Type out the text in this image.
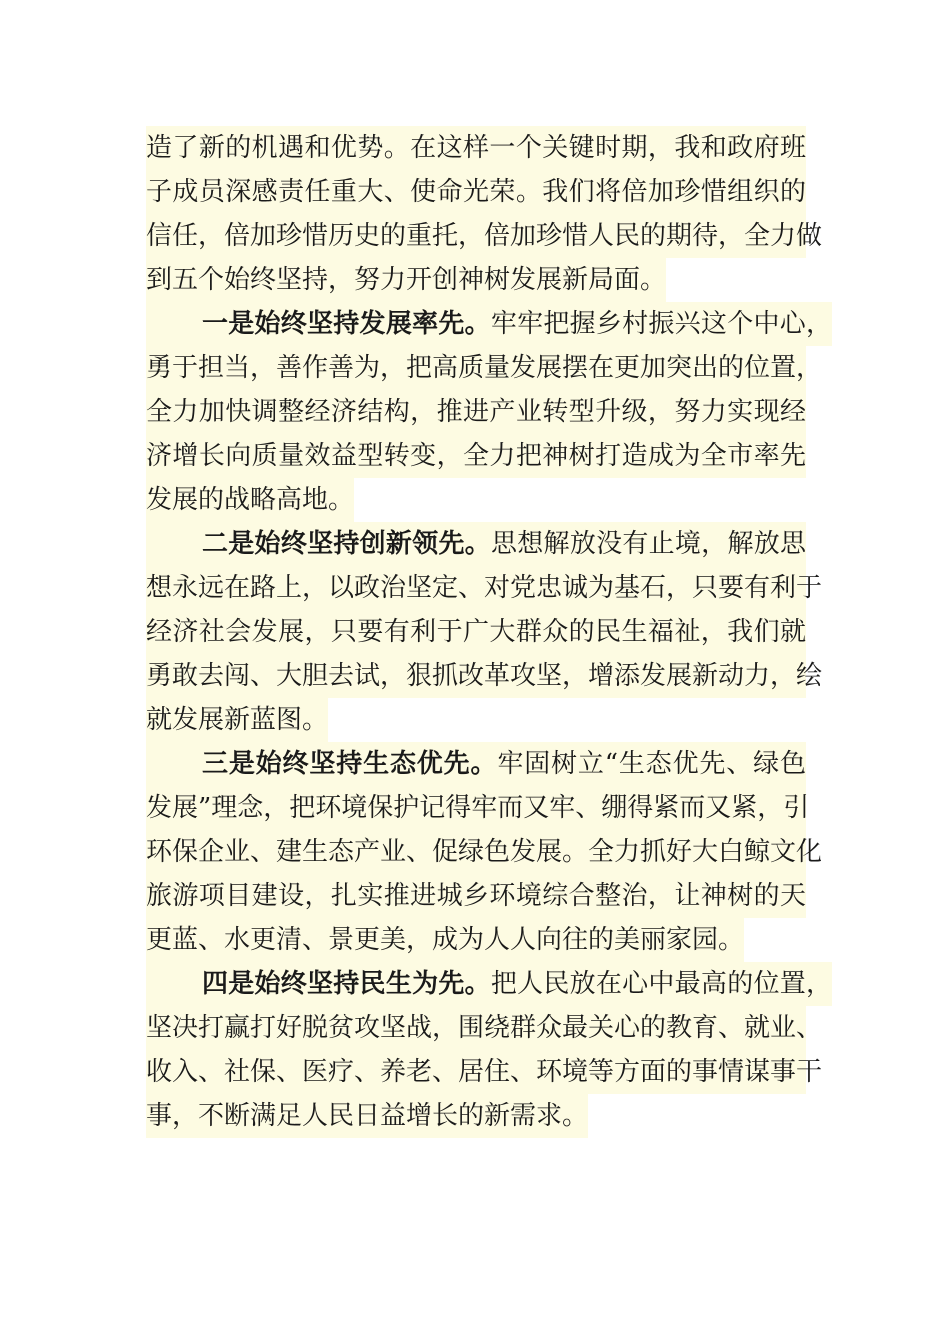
造了新的机遇和优势。在这样一个关键时期，我和政府班
子成员深感责任重大、使命光荣。我们将倍加珍惜组织的
信任，倍加珍惜历史的重托，倍加珍惜人民的期待，全力做
到五个始终坚持，努力开创神树发展新局面。
一是始终坚持发展率先。牢牢把握乡村振兴这个中心，
勇于担当，善作善为，把高质量发展摆在更加突出的位置，
全力加快调整经济结构，推进产业转型升级，努力实现经
济增长向质量效益型转变，全力把神树打造成为全市率先
发展的战略高地。
二是始终坚持创新领先。思想解放没有止境，解放思
想永远在路上，以政治坚定、对党忠诚为基石，只要有利于
经济社会发展，只要有利于广大群众的民生福祉，我们就
勇敢去闯、大胆去试，狠抓改革攻坚，增添发展新动力，绘
就发展新蓝图。
三是始终坚持生态优先。牢固树立“生态优先、绿色
发展”理念，把环境保护记得牢而又牢、绷得紧而又紧，引
环保企业、建生态产业、促绿色发展。全力抓好大白鲸文化
旅游项目建设，扎实推进城乡环境综合整治，让神树的天
更蓝、水更清、景更美，成为人人向往的美丽家园。
四是始终坚持民生为先。把人民放在心中最高的位置，
坚决打赢打好脱贫攻坚战，围绕群众最关心的教育、就业、
收入、社保、医疗、养老、居住、环境等方面的事情谋事干
事，不断满足人民日益增长的新需求。
